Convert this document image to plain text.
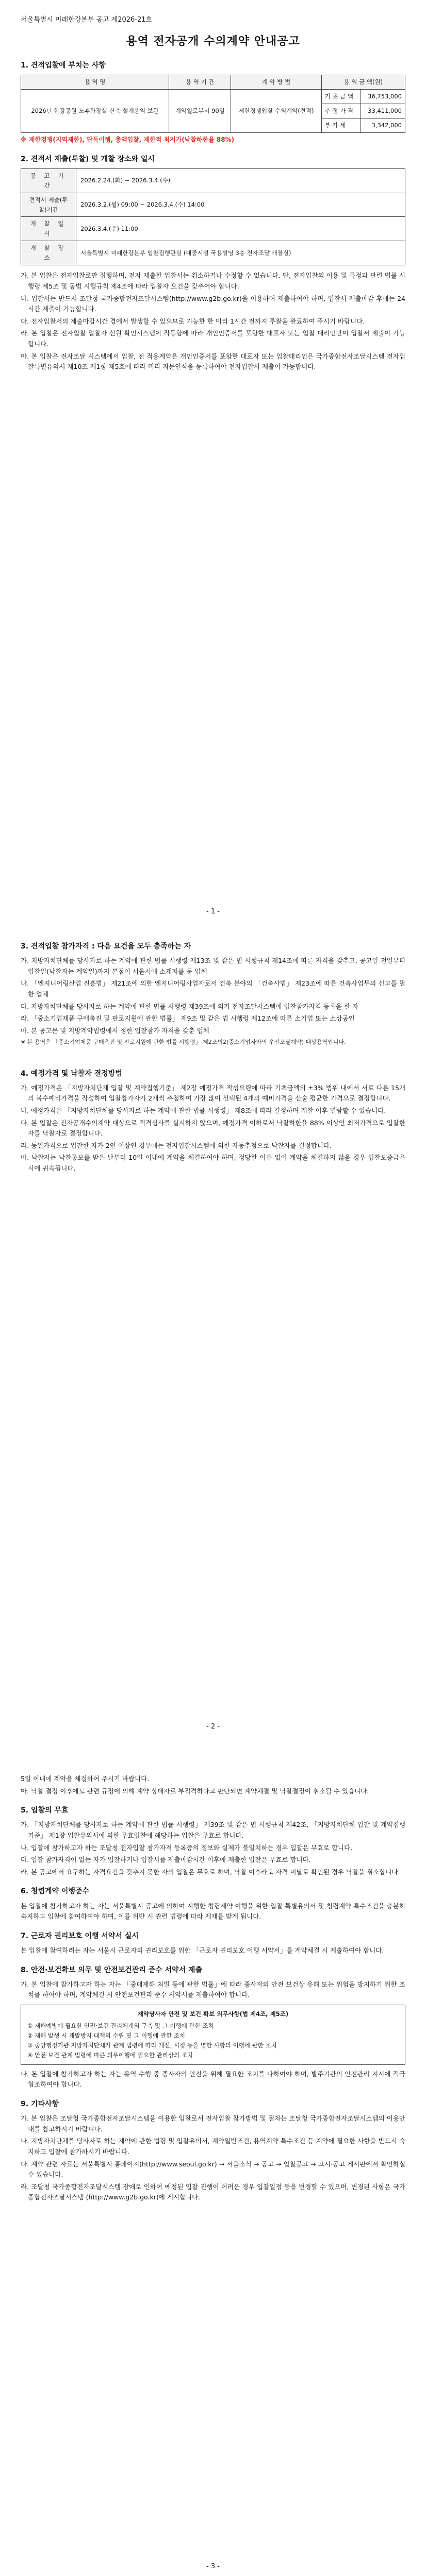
서울특별시 미래한강본부 공고 제2026-21호
용역 전자공개 수의계약 안내공고
1. 견적입찰에 부치는 사항
용 역 명	용 역 기 간	계 약 방 법	용 역 금 액(원)	
2026년 한강공원 노후화장실 신축 설계용역 보완	계약일로부터 90일	제한경쟁입찰 수의계약(견적)	기 초 금 액	36,753,000
			추 정 가 격	33,411,000
			부 가 세	3,342,000
※ 제한경쟁(지역제한), 단독이행, 총액입찰, 제한적 최저가(낙찰하한율 88%)
2. 견적서 제출(투찰) 및 개찰 장소와 일시
공 고 기 간	2026.2.24.(화) ~ 2026.3.4.(수)
견적서 제출(투찰)기간	2026.3.2.(월) 09:00 ~ 2026.3.4.(수) 14:00
개 찰 일 시	2026.3.4.(수) 11:00
개 찰 장 소	서울특별시 미래한강본부 입찰집행관실 (대중시설 국용빌딩 3층 전자조달 개찰실)
가. 본 입찰은 전자입찰로만 집행하며, 전자 제출한 입찰서는 취소하거나 수정할 수 없습니다. 단, 전자입찰의 이용 및 특정과 관련 법률 시행령 제5조 및 동법 시행규칙 제4조에 따라 입찰자 요건을 갖추어야 합니다.
나. 입찰서는 반드시 조달청 국가종합전자조달시스템(http://www.g2b.go.kr)을 이용하여 제출하여야 하며, 입찰서 제출마감 후에는 24시간 제출이 가능합니다.
다. 전자입찰서의 제출마감시간 경에서 발생할 수 있으므로 가능한 한 미리 1시간 전까지 투찰을 완료하여 주시기 바랍니다.
라. 본 입찰은 전자입찰 입찰자 신원 확인시스템이 작동함에 따라 개인인증서를 포함한 대표자 또는 입찰 대리인만이 입찰서 제출이 가능합니다.
마. 본 입찰은 전자조달 시스템에서 입찰, 전 적용계약은 개인인증서를 포함한 대표자 또는 입찰대리인은 국가종합전자조달시스템 전자입찰특별유의서 제10조 제1항 제5호에 따라 미리 지문인식을 등록하여야 전자입찰서 제출이 가능합니다.
- 1 -
3. 견적입찰 참가자격 : 다음 요건을 모두 충족하는 자
가. 지방자치단체를 당사자로 하는 계약에 관한 법률 시행령 제13조 및 같은 법 시행규칙 제14조에 따른 자격을 갖추고, 공고일 전일부터 입찰일(낙찰자는 계약일)까지 본점이 서울시에 소재지를 둔 업체
나. 「엔지니어링산업 진흥법」 제21조에 의한 엔지니어링사업자로서 건축 분야의 「건축사법」 제23조에 따른 건축사업무의 신고를 필한 업체
다. 지방자치단체를 당사자로 하는 계약에 관한 법률 시행령 제39조에 의거 전자조달시스템에 입찰참가자격 등록을 한 자
라. 「중소기업제품 구매촉진 및 판로지원에 관한 법률」 제9조 및 같은 법 시행령 제12조에 따른 소기업 또는 소상공인
마. 본 공고문 및 지방계약법령에서 정한 입찰참가 자격을 갖춘 업체
※ 본 용역은 「중소기업제품 구매촉진 및 판로지원에 관한 법률 시행령」 제2조의2(중소기업자와의 우선조달계약) 대상용역입니다.
4. 예정가격 및 낙찰자 결정방법
가. 예정가격은 「지방자치단체 입찰 및 계약집행기준」 제2장 예정가격 작성요령에 따라 기초금액의 ±3% 범위 내에서 서로 다른 15개의 복수예비가격을 작성하여 입찰참가자가 2개씩 추첨하여 가장 많이 선택된 4개의 예비가격을 산술 평균한 가격으로 결정합니다.
나. 예정가격은 「지방자치단체를 당사자로 하는 계약에 관한 법률 시행령」 제8조에 따라 결정하며 개찰 이후 열람할 수 있습니다.
다. 본 입찰은 전자공개수의계약 대상으로 적격심사를 실시하지 않으며, 예정가격 이하로서 낙찰하한율 88% 이상인 최저가격으로 입찰한 자를 낙찰자로 결정합니다.
라. 동일가격으로 입찰한 자가 2인 이상인 경우에는 전자입찰시스템에 의한 자동추첨으로 낙찰자를 결정합니다.
마. 낙찰자는 낙찰통보를 받은 날부터 10일 이내에 계약을 체결하여야 하며, 정당한 이유 없이 계약을 체결하지 않을 경우 입찰보증금은 시에 귀속됩니다.
- 2 -
5일 이내에 계약을 체결하여 주시기 바랍니다.
마. 낙찰 결정 이후에도 관련 규정에 의해 계약 상대자로 부적격하다고 판단되면 계약체결 및 낙찰결정이 취소될 수 있습니다.
5. 입찰의 무효
가. 「지방자치단체를 당사자로 하는 계약에 관한 법률 시행령」 제39조 및 같은 법 시행규칙 제42조, 「지방자치단체 입찰 및 계약집행기준」 제1장 입찰유의서에 의한 무효입찰에 해당하는 입찰은 무효로 합니다.
나. 입찰에 참가하고자 하는 조달청 전자입찰 참가자격 등록증의 정보와 실제가 불일치하는 경우 입찰은 무효로 합니다.
다. 입찰 참가자격이 없는 자가 입찰하거나 입찰서를 제출마감시간 이후에 제출한 입찰은 무효로 합니다.
라. 본 공고에서 요구하는 자격요건을 갖추지 못한 자의 입찰은 무효로 하며, 낙찰 이후라도 자격 미달로 확인된 경우 낙찰을 취소합니다.
6. 청렴계약 이행준수
본 입찰에 참가하고자 하는 자는 서울특별시 공고에 의하여 시행한 청렴계약 이행을 위한 입찰 특별유의서 및 청렴계약 특수조건을 충분히 숙지하고 입찰에 참여하여야 하며, 이를 위반 시 관련 법령에 따라 제재를 받게 됩니다.
7. 근로자 권리보호 이행 서약서 실시
본 입찰에 참여하려는 자는 서울시 근로자의 권리보호를 위한 「근로자 권리보호 이행 서약서」를 계약체결 시 제출하여야 합니다.
8. 안전·보건확보 의무 및 안전보건관리 준수 서약서 제출
가. 본 입찰에 참가하고자 하는 자는 「중대재해 처벌 등에 관한 법률」에 따라 종사자의 안전 보건상 유해 또는 위험을 방지하기 위한 조치를 하여야 하며, 계약체결 시 안전보건관리 준수 서약서를 제출하여야 합니다.
계약당사자 안전 및 보건 확보 의무사항(법 제4조, 제5조)
① 재해예방에 필요한 안전·보건 관리체계의 구축 및 그 이행에 관한 조치
② 재해 발생 시 재발방지 대책의 수립 및 그 이행에 관한 조치
③ 중앙행정기관·지방자치단체가 관계 법령에 따라 개선, 시정 등을 명한 사항의 이행에 관한 조치
④ 안전·보건 관계 법령에 따른 의무이행에 필요한 관리상의 조치
나. 본 입찰에 참가하고자 하는 자는 용역 수행 중 종사자의 안전을 위해 필요한 조치를 다하여야 하며, 발주기관의 안전관리 지시에 적극 협조하여야 합니다.
9. 기타사항
가. 본 입찰은 조달청 국가종합전자조달시스템을 이용한 입찰로서 전자입찰 참가방법 및 절차는 조달청 국가종합전자조달시스템의 이용안내를 참고하시기 바랍니다.
나. 지방자치단체를 당사자로 하는 계약에 관한 법령 및 입찰유의서, 계약일반조건, 용역계약 특수조건 등 계약에 필요한 사항을 반드시 숙지하고 입찰에 참가하시기 바랍니다.
다. 계약 관련 자료는 서울특별시 홈페이지(http://www.seoul.go.kr) → 서울소식 → 공고 → 입찰공고 → 고시·공고 게시판에서 확인하실 수 있습니다.
라. 조달청 국가종합전자조달시스템 장애로 인하여 예정된 입찰 진행이 어려운 경우 입찰일정 등을 변경할 수 있으며, 변경된 사항은 국가종합전자조달시스템 (http://www.g2b.go.kr)에 게시합니다.
- 3 -
